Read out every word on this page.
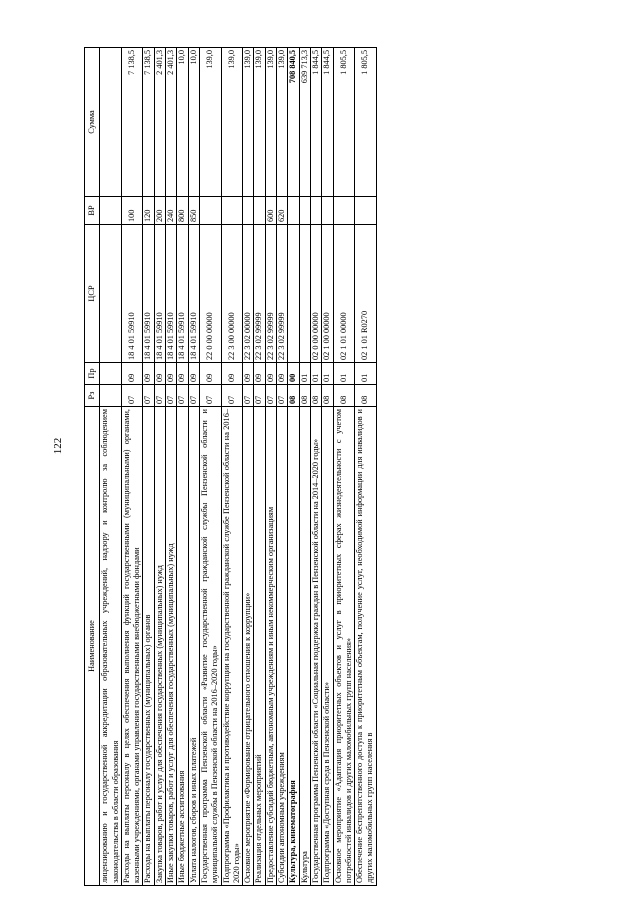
122
Наименование	Рз	Пр	ЦСР	ВР	Сумма
лицензированию и государственной аккредитации образовательных учреждений, надзору и контролю за соблюдением законодательства в области образования					
Расходы на выплаты персоналу в целях обеспечения выполнения функций государственными (муниципальными) органами, казенными учреждениями, органами управления государственными внебюджетными фондами	07	09	18 4 01 59910	100	7 138,5
Расходы на выплаты персоналу государственных (муниципальных) органов	07	09	18 4 01 59910	120	7 138,5
Закупка товаров, работ и услуг для обеспечения государственных (муниципальных) нужд	07	09	18 4 01 59910	200	2 401,3
Иные закупки товаров, работ и услуг для обеспечения государственных (муниципальных) нужд	07	09	18 4 01 59910	240	2 401,3
Иные бюджетные ассигнования	07	09	18 4 01 59910	800	10,0
Уплата налогов, сборов и иных платежей	07	09	18 4 01 59910	850	10,0
Государственная программа Пензенской области «Развитие государственной гражданской службы Пензенской области и муниципальной службы в Пензенской области на 2016–2020 годы»	07	09	22 0 00 00000		139,0
Подпрограмма «Профилактика и противодействие коррупции на государственной гражданской службе Пензенской области на 2016–2020 годы»	07	09	22 3 00 00000		139,0
Основное мероприятие «Формирование отрицательного отношения к коррупции»	07	09	22 3 02 00000		139,0
Реализация отдельных мероприятий	07	09	22 3 02 99999		139,0
Предоставление субсидий бюджетным, автономным учреждениям и иным некоммерческим организациям	07	09	22 3 02 99999	600	139,0
Субсидии автономным учреждениям	07	09	22 3 02 99999	620	139,0
Культура, кинематография	08	00			708 840,5
Культура	08	01			639 713,3
Государственная программа Пензенской области «Социальная поддержка граждан в Пензенской области на 2014–2020 годы»	08	01	02 0 00 00000		1 844,5
Подпрограмма «Доступная среда в Пензенской области»	08	01	02 1 00 00000		1 844,5
Основное мероприятие «Адаптация приоритетных объектов и услуг в приоритетных сферах жизнедеятельности с учетом потребностей инвалидов и других маломобильных групп населения»	08	01	02 1 01 00000		1 805,5
Обеспечение беспрепятственного доступа к приоритетным объектам, получение услуг, необходимой информации для инвалидов и других маломобильных групп населения в	08	01	02 1 01 R0270		1 805,5
